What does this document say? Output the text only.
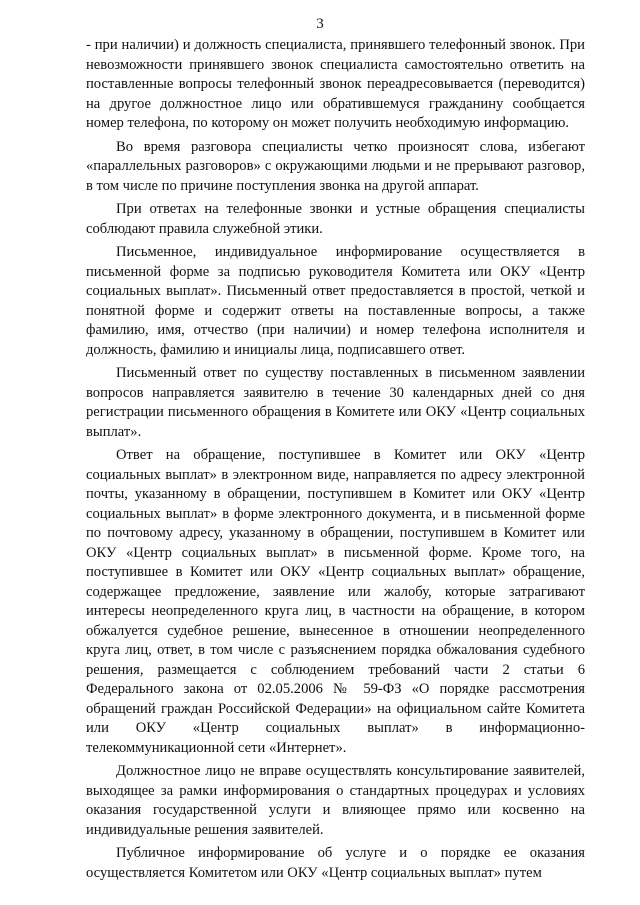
3

- при наличии) и должность специалиста, принявшего телефонный звонок. При невозможности принявшего звонок специалиста самостоятельно ответить на поставленные вопросы телефонный звонок переадресовывается (переводится) на другое должностное лицо или обратившемуся гражданину сообщается номер телефона, по которому он может получить необходимую информацию.

Во время разговора специалисты четко произносят слова, избегают «параллельных разговоров» с окружающими людьми и не прерывают разговор, в том числе по причине поступления звонка на другой аппарат.

При ответах на телефонные звонки и устные обращения специалисты соблюдают правила служебной этики.

Письменное, индивидуальное информирование осуществляется в письменной форме за подписью руководителя Комитета или ОКУ «Центр социальных выплат». Письменный ответ предоставляется в простой, четкой и понятной форме и содержит ответы на поставленные вопросы, а также фамилию, имя, отчество (при наличии) и номер телефона исполнителя и должность, фамилию и инициалы лица, подписавшего ответ.

Письменный ответ по существу поставленных в письменном заявлении вопросов направляется заявителю в течение 30 календарных дней со дня регистрации письменного обращения в Комитете или ОКУ «Центр социальных выплат».

Ответ на обращение, поступившее в Комитет или ОКУ «Центр социальных выплат» в электронном виде, направляется по адресу электронной почты, указанному в обращении, поступившем в Комитет или ОКУ «Центр социальных выплат» в форме электронного документа, и в письменной форме по почтовому адресу, указанному в обращении, поступившем в Комитет или ОКУ «Центр социальных выплат» в письменной форме. Кроме того, на поступившее в Комитет или ОКУ «Центр социальных выплат» обращение, содержащее предложение, заявление или жалобу, которые затрагивают интересы неопределенного круга лиц, в частности на обращение, в котором обжалуется судебное решение, вынесенное в отношении неопределенного круга лиц, ответ, в том числе с разъяснением порядка обжалования судебного решения, размещается с соблюдением требований части 2 статьи 6 Федерального закона от 02.05.2006 № 59-ФЗ «О порядке рассмотрения обращений граждан Российской Федерации» на официальном сайте Комитета или ОКУ «Центр социальных выплат» в информационно-телекоммуникационной сети «Интернет».

Должностное лицо не вправе осуществлять консультирование заявителей, выходящее за рамки информирования о стандартных процедурах и условиях оказания государственной услуги и влияющее прямо или косвенно на индивидуальные решения заявителей.

Публичное информирование об услуге и о порядке ее оказания осуществляется Комитетом или ОКУ «Центр социальных выплат» путем
